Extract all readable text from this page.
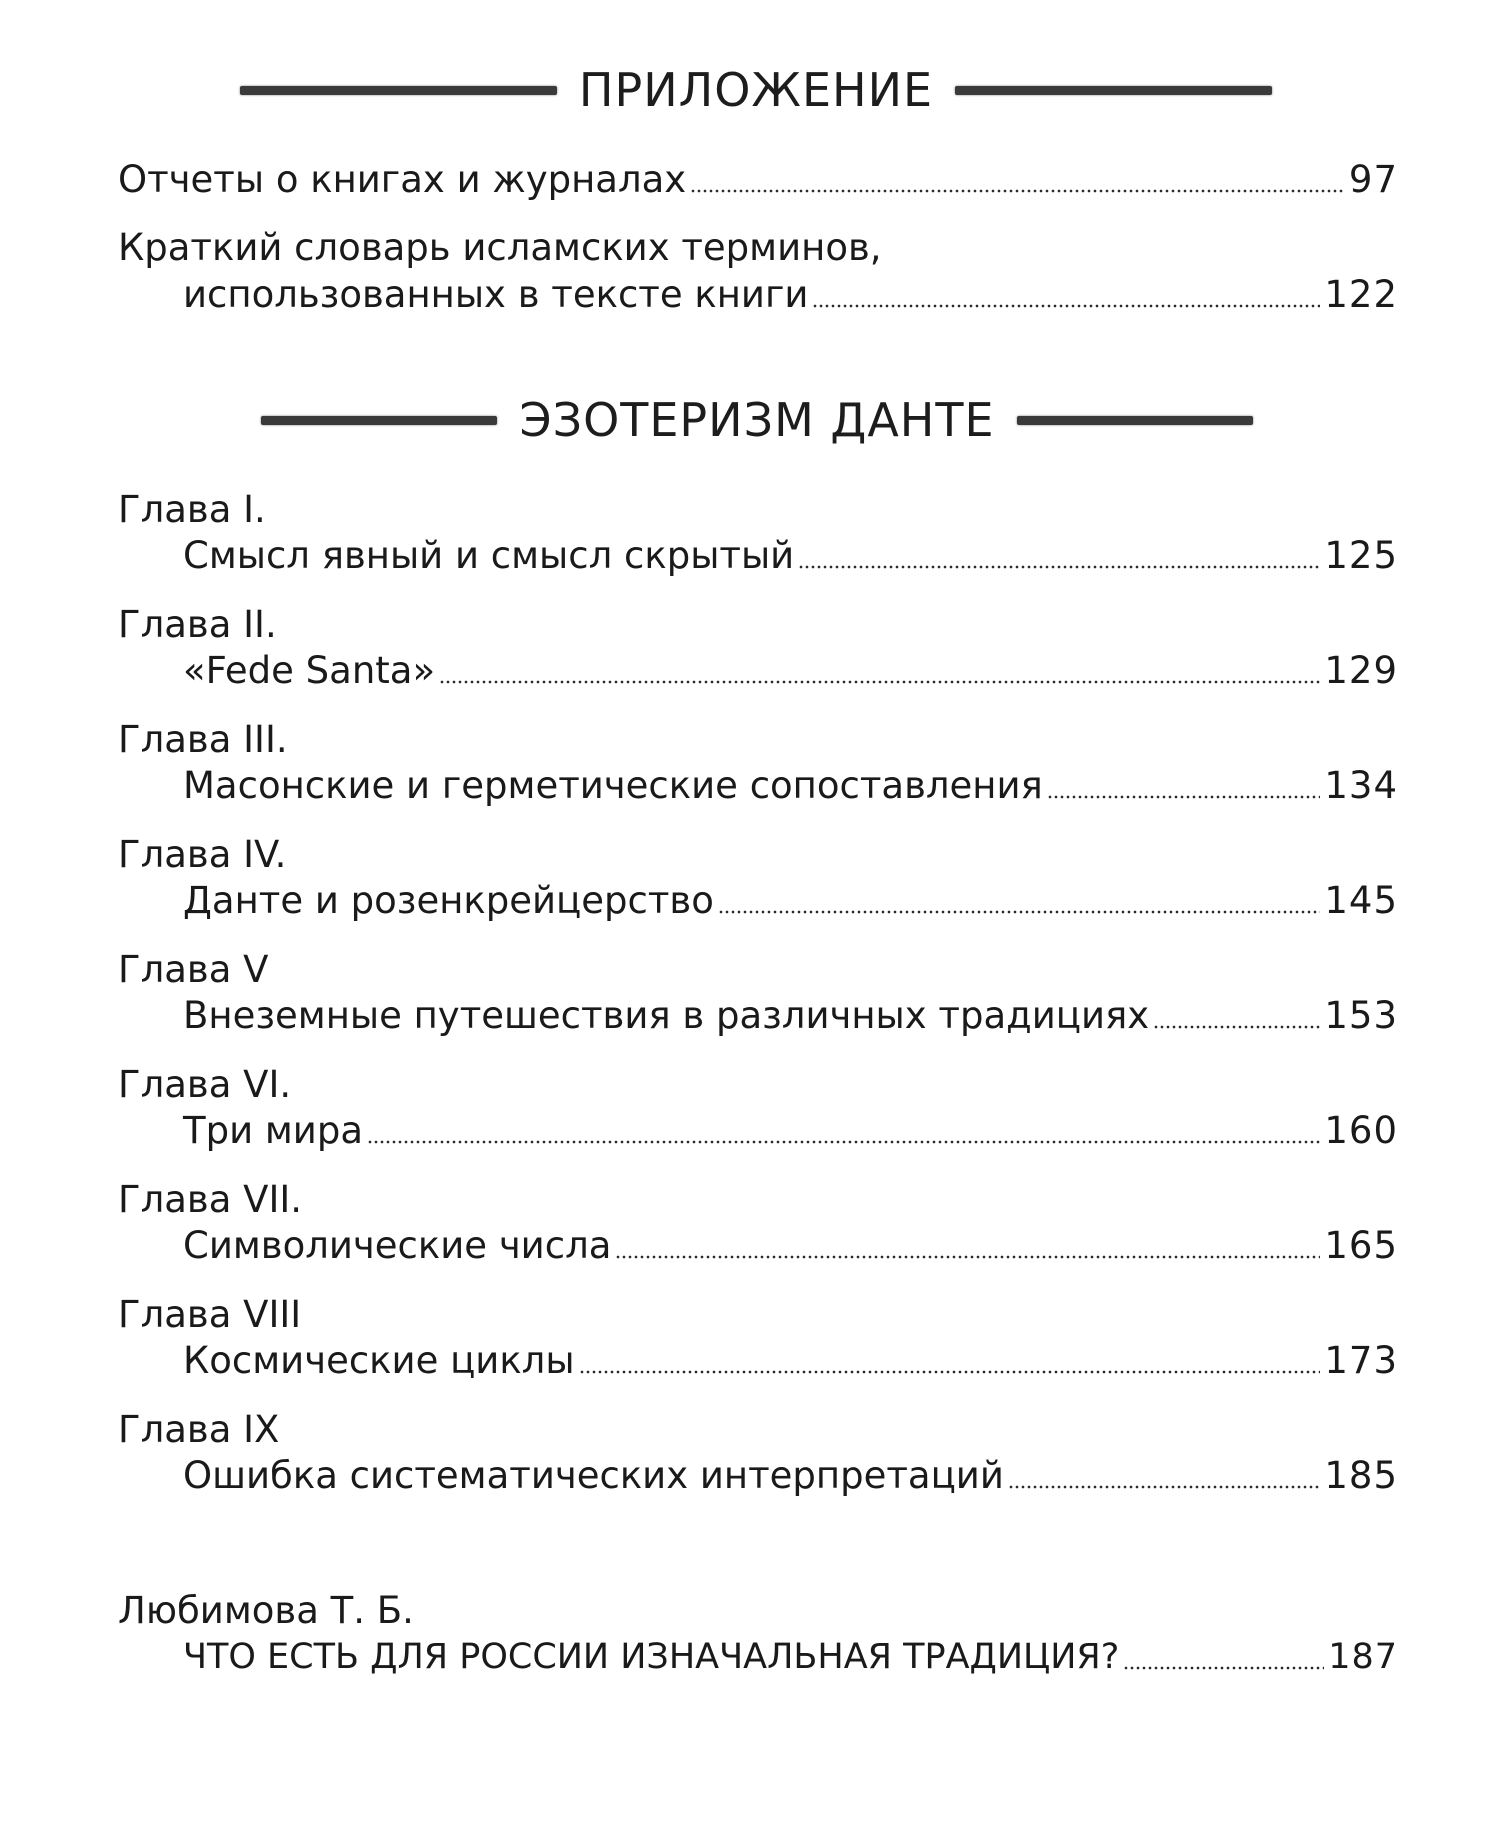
ПРИЛОЖЕНИЕ
Отчеты о книгах и журналах	97
Краткий словарь исламских терминов,
использованных в тексте книги	122
ЭЗОТЕРИЗМ ДАНТЕ
Глава I.
Смысл явный и смысл скрытый	125
Глава II.
«Fede Santa»	129
Глава III.
Масонские и герметические сопоставления	134
Глава IV.
Данте и розенкрейцерство	145
Глава V
Внеземные путешествия в различных традициях	153
Глава VI.
Три мира	160
Глава VII.
Символические числа	165
Глава VIII
Космические циклы	173
Глава IX
Ошибка систематических интерпретаций	185
Любимова Т. Б.
ЧТО ЕСТЬ ДЛЯ РОССИИ ИЗНАЧАЛЬНАЯ ТРАДИЦИЯ?	187
